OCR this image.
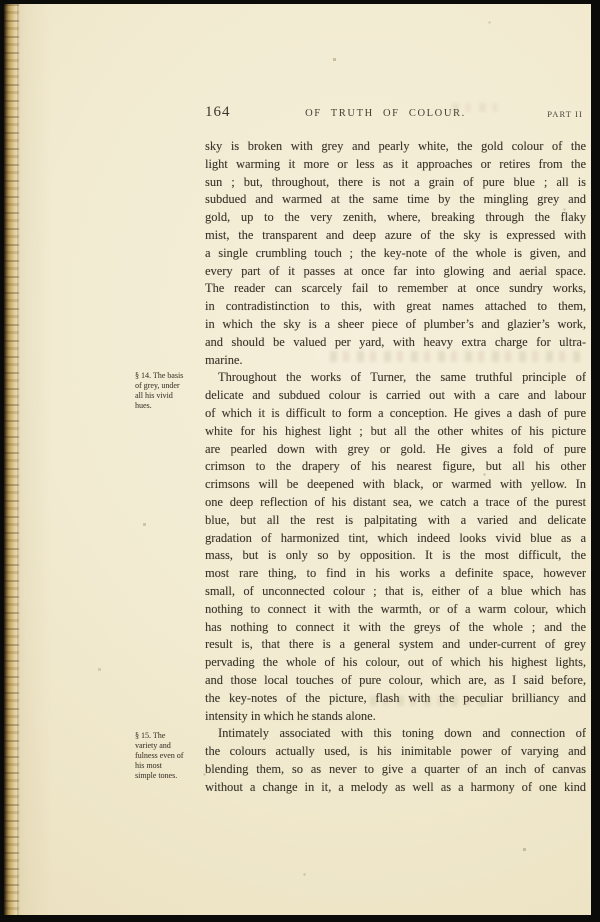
164	OF TRUTH OF COLOUR.	PART II
§ 14. The basis
of grey, under
all his vivid
hues.
§ 15. The
variety and
fulness even of
his most
simple tones.
sky is broken with grey and pearly white, the gold colour of the
light warming it more or less as it approaches or retires from the
sun ; but, throughout, there is not a grain of pure blue ; all is
subdued and warmed at the same time by the mingling grey and
gold, up to the very zenith, where, breaking through the flaky
mist, the transparent and deep azure of the sky is expressed with
a single crumbling touch ; the key-note of the whole is given, and
every part of it passes at once far into glowing and aerial space.
The reader can scarcely fail to remember at once sundry works,
in contradistinction to this, with great names attached to them,
in which the sky is a sheer piece of plumber’s and glazier’s work,
and should be valued per yard, with heavy extra charge for ultra-
marine.
Throughout the works of Turner, the same truthful principle of
delicate and subdued colour is carried out with a care and labour
of which it is difficult to form a conception. He gives a dash of pure
white for his highest light ; but all the other whites of his picture
are pearled down with grey or gold. He gives a fold of pure
crimson to the drapery of his nearest figure, but all his other
crimsons will be deepened with black, or warmed with yellow. In
one deep reflection of his distant sea, we catch a trace of the purest
blue, but all the rest is palpitating with a varied and delicate
gradation of harmonized tint, which indeed looks vivid blue as a
mass, but is only so by opposition. It is the most difficult, the
most rare thing, to find in his works a definite space, however
small, of unconnected colour ; that is, either of a blue which has
nothing to connect it with the warmth, or of a warm colour, which
has nothing to connect it with the greys of the whole ; and the
result is, that there is a general system and under-current of grey
pervading the whole of his colour, out of which his highest lights,
and those local touches of pure colour, which are, as I said before,
the key-notes of the picture, flash with the peculiar brilliancy and
intensity in which he stands alone.
Intimately associated with this toning down and connection of
the colours actually used, is his inimitable power of varying and
blending them, so as never to give a quarter of an inch of canvas
without a change in it, a melody as well as a harmony of one kind
